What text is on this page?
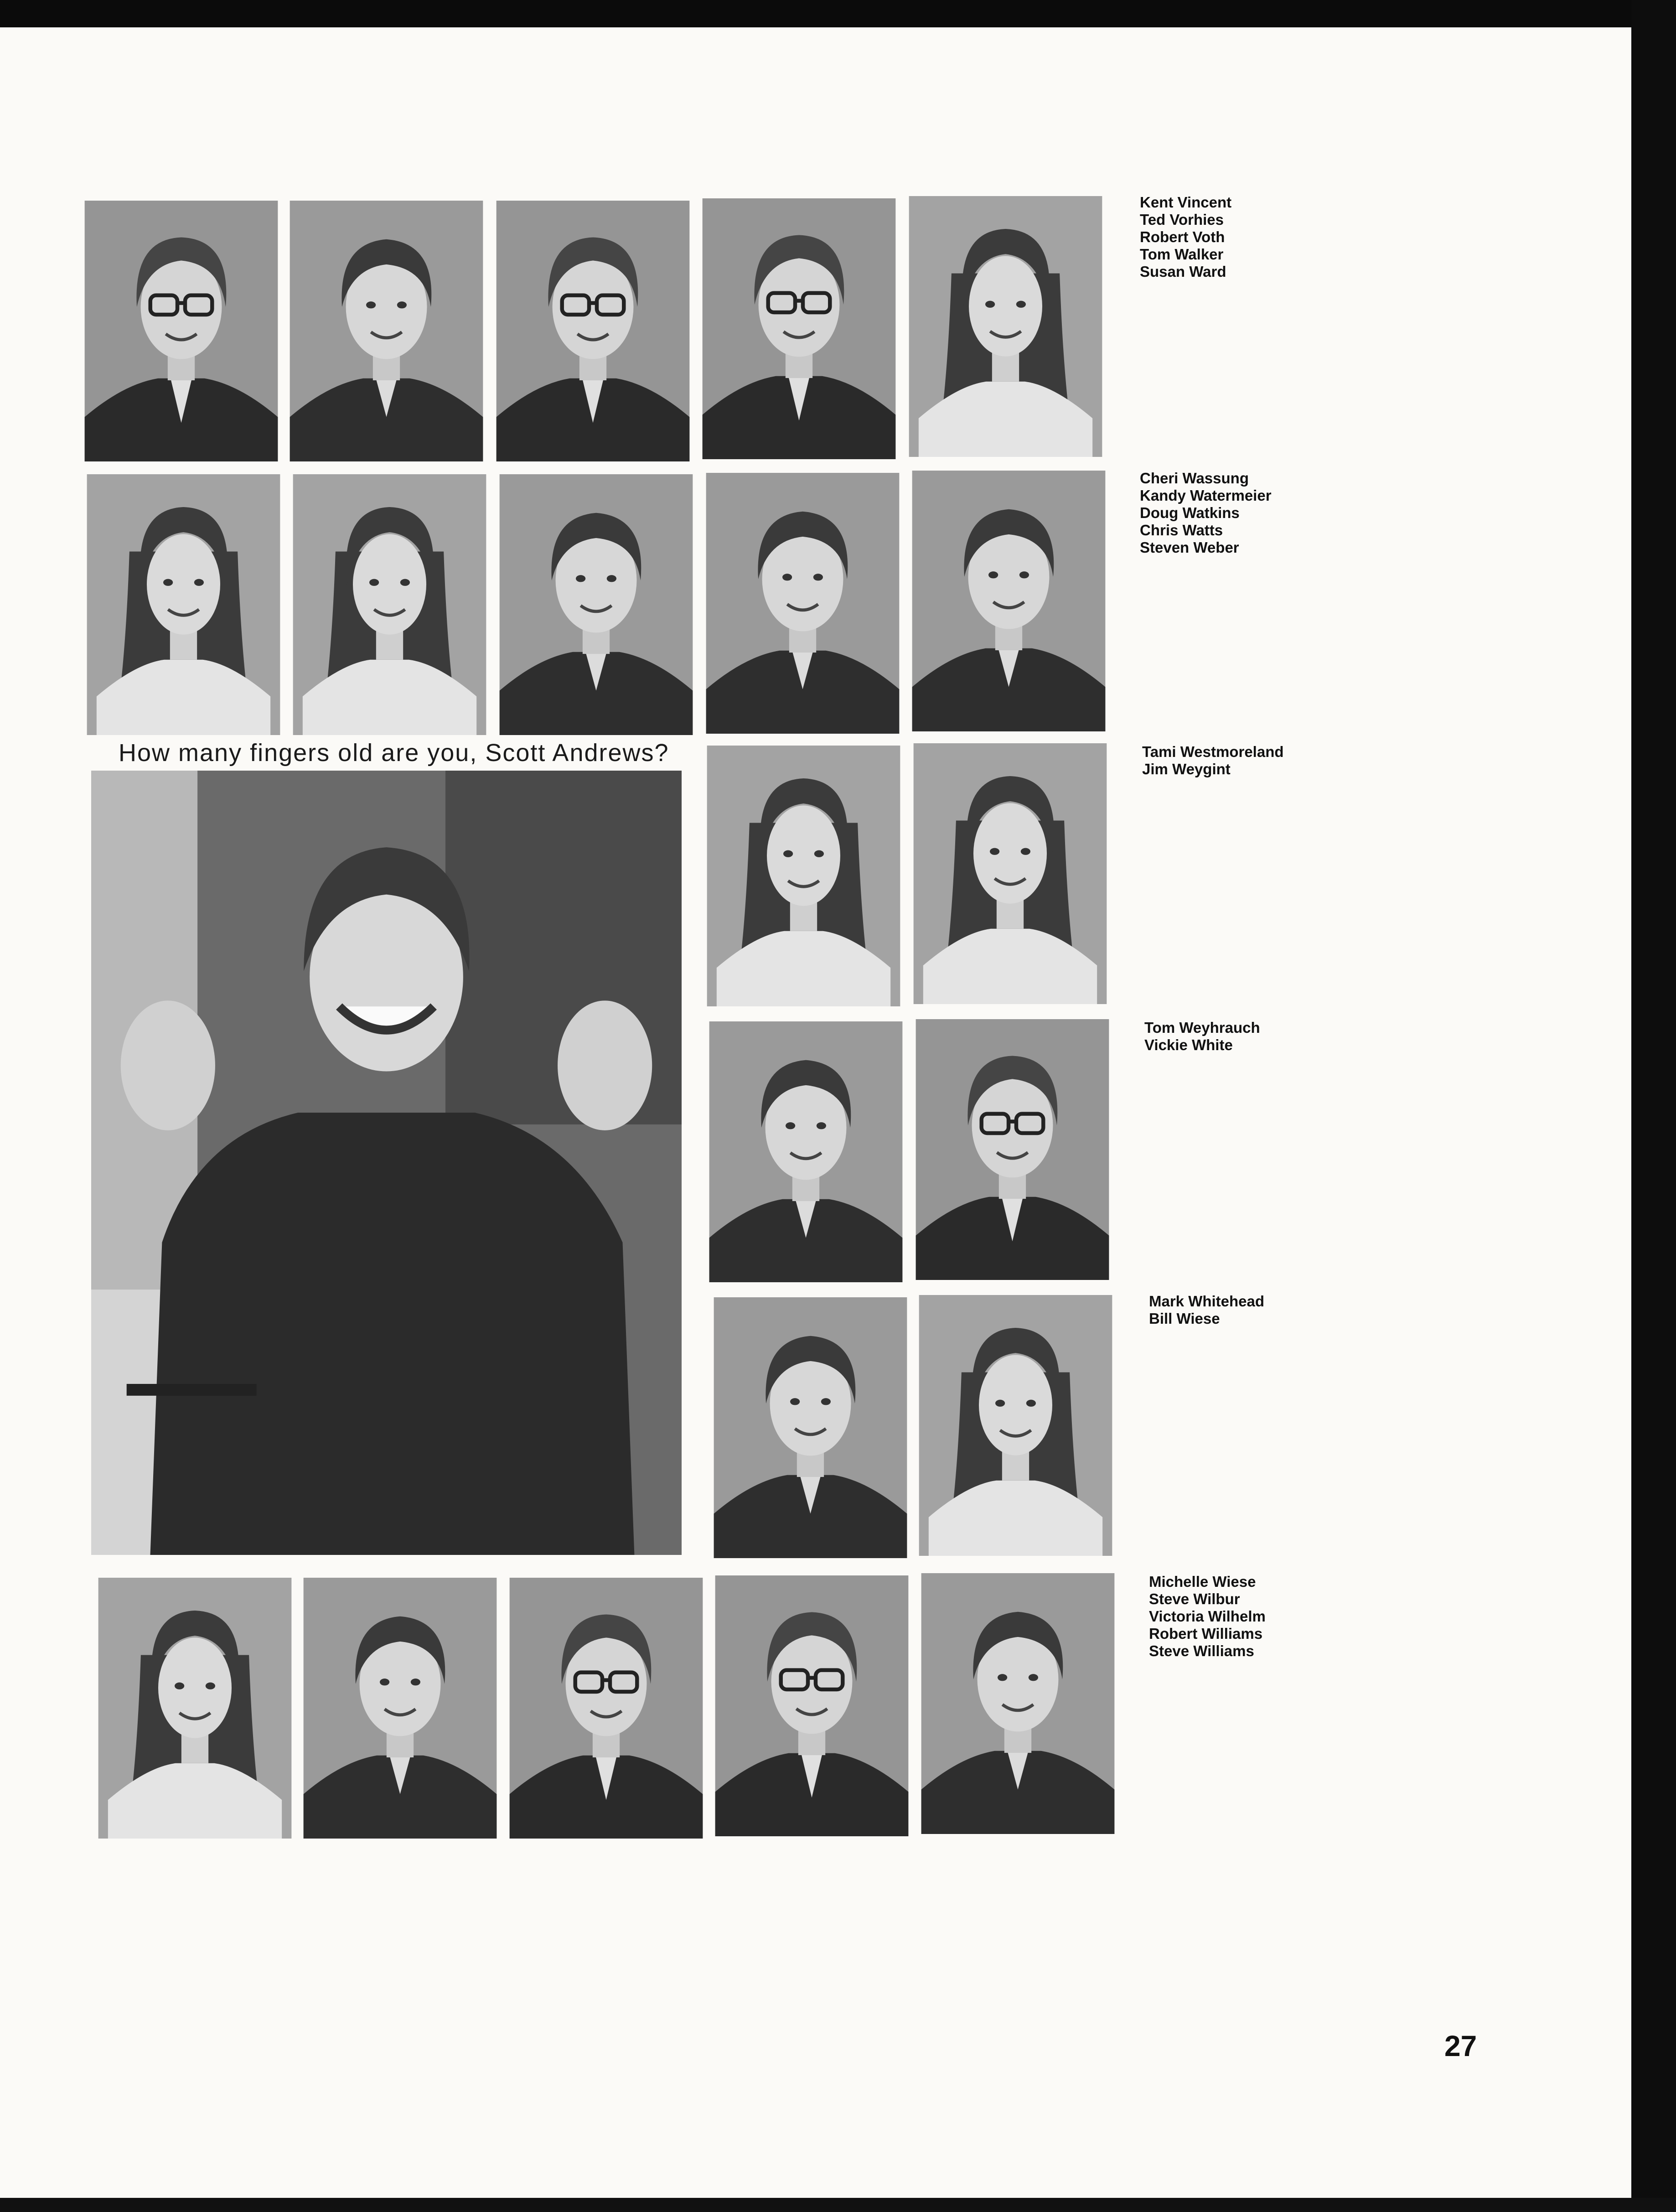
Kent Vincent
Ted Vorhies
Robert Voth
Tom Walker
Susan Ward
Cheri Wassung
Kandy Watermeier
Doug Watkins
Chris Watts
Steven Weber
How many fingers old are you, Scott Andrews?	Tami Westmoreland
Jim Weygint
Tom Weyhrauch
Vickie White
Mark Whitehead
Bill Wiese
Michelle Wiese
Steve Wilbur
Victoria Wilhelm
Robert Williams
Steve Williams
27
